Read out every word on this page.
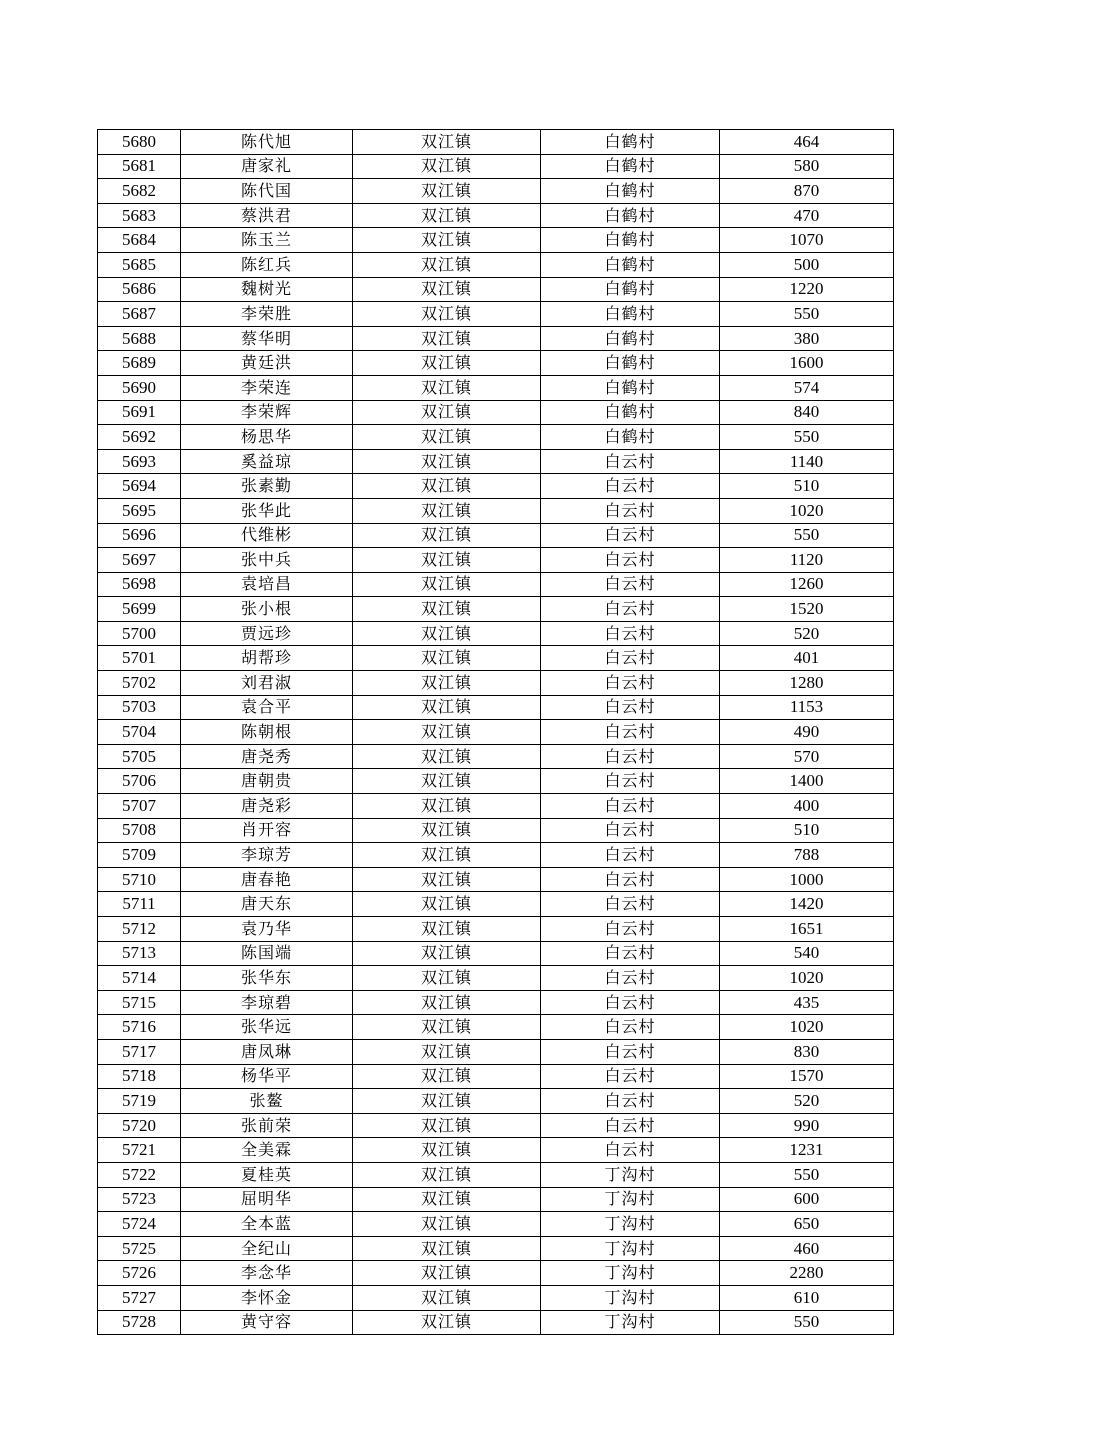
5680	陈代旭	双江镇	白鹤村	464
5681	唐家礼	双江镇	白鹤村	580
5682	陈代国	双江镇	白鹤村	870
5683	蔡洪君	双江镇	白鹤村	470
5684	陈玉兰	双江镇	白鹤村	1070
5685	陈红兵	双江镇	白鹤村	500
5686	魏树光	双江镇	白鹤村	1220
5687	李荣胜	双江镇	白鹤村	550
5688	蔡华明	双江镇	白鹤村	380
5689	黄廷洪	双江镇	白鹤村	1600
5690	李荣连	双江镇	白鹤村	574
5691	李荣辉	双江镇	白鹤村	840
5692	杨思华	双江镇	白鹤村	550
5693	奚益琼	双江镇	白云村	1140
5694	张素勤	双江镇	白云村	510
5695	张华此	双江镇	白云村	1020
5696	代维彬	双江镇	白云村	550
5697	张中兵	双江镇	白云村	1120
5698	袁培昌	双江镇	白云村	1260
5699	张小根	双江镇	白云村	1520
5700	贾远珍	双江镇	白云村	520
5701	胡帮珍	双江镇	白云村	401
5702	刘君淑	双江镇	白云村	1280
5703	袁合平	双江镇	白云村	1153
5704	陈朝根	双江镇	白云村	490
5705	唐尧秀	双江镇	白云村	570
5706	唐朝贵	双江镇	白云村	1400
5707	唐尧彩	双江镇	白云村	400
5708	肖开容	双江镇	白云村	510
5709	李琼芳	双江镇	白云村	788
5710	唐春艳	双江镇	白云村	1000
5711	唐天东	双江镇	白云村	1420
5712	袁乃华	双江镇	白云村	1651
5713	陈国端	双江镇	白云村	540
5714	张华东	双江镇	白云村	1020
5715	李琼碧	双江镇	白云村	435
5716	张华远	双江镇	白云村	1020
5717	唐凤琳	双江镇	白云村	830
5718	杨华平	双江镇	白云村	1570
5719	张鳌	双江镇	白云村	520
5720	张前荣	双江镇	白云村	990
5721	全美霖	双江镇	白云村	1231
5722	夏桂英	双江镇	丁沟村	550
5723	屈明华	双江镇	丁沟村	600
5724	全本蓝	双江镇	丁沟村	650
5725	全纪山	双江镇	丁沟村	460
5726	李念华	双江镇	丁沟村	2280
5727	李怀金	双江镇	丁沟村	610
5728	黄守容	双江镇	丁沟村	550
